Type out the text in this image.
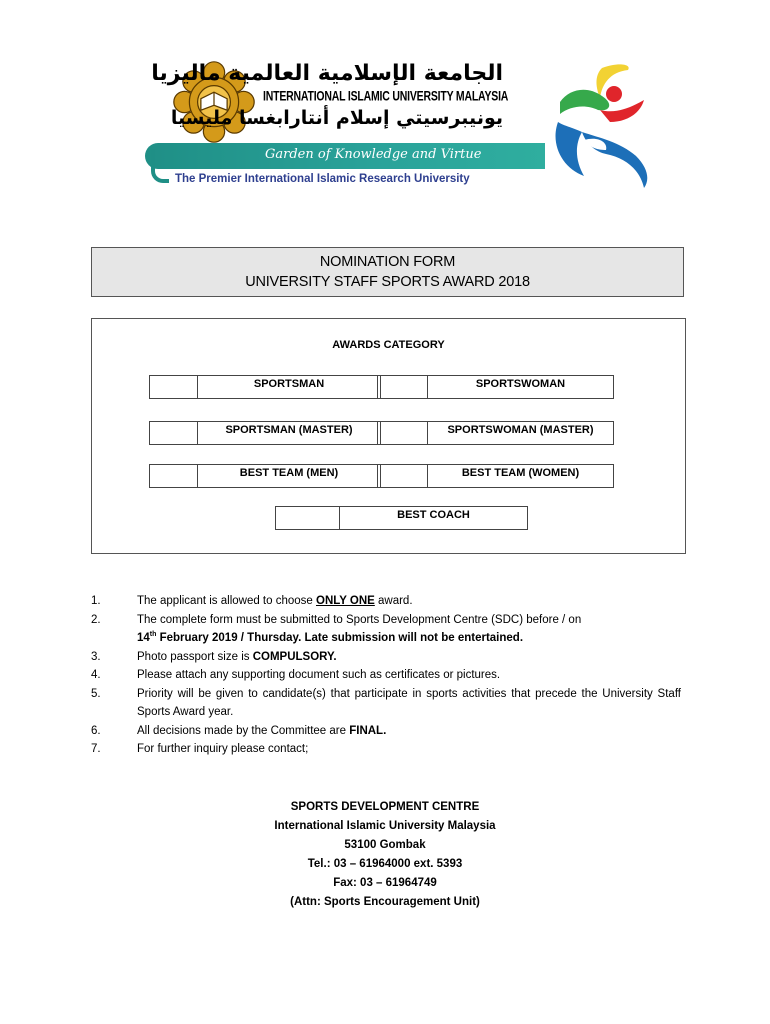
الجامعة الإسلامية العالمية ماليزيا
INTERNATIONAL ISLAMIC UNIVERSITY MALAYSIA
يونيبرسيتي إسلام أنتارابغسا مليسيا
Garden of Knowledge and Virtue
The Premier International Islamic Research University
NOMINATION FORM
UNIVERSITY STAFF SPORTS AWARD 2018
AWARDS CATEGORY
SPORTSMAN	SPORTSWOMAN
SPORTSMAN (MASTER)	SPORTSWOMAN (MASTER)
BEST TEAM (MEN)	BEST TEAM (WOMEN)
BEST COACH
1.	The applicant is allowed to choose ONLY ONE award.
2.	The complete form must be submitted to Sports Development Centre (SDC) before / on
14th February 2019 / Thursday. Late submission will not be entertained.
3.	Photo passport size is COMPULSORY.
4.	Please attach any supporting document such as certificates or pictures.
5.	Priority will be given to candidate(s) that participate in sports activities that precede the University Staff Sports Award year.
6.	All decisions made by the Committee are FINAL.
7.	For further inquiry please contact;
SPORTS DEVELOPMENT CENTRE
International Islamic University Malaysia
53100 Gombak
Tel.: 03 – 61964000 ext. 5393
Fax: 03 – 61964749
(Attn: Sports Encouragement Unit)
